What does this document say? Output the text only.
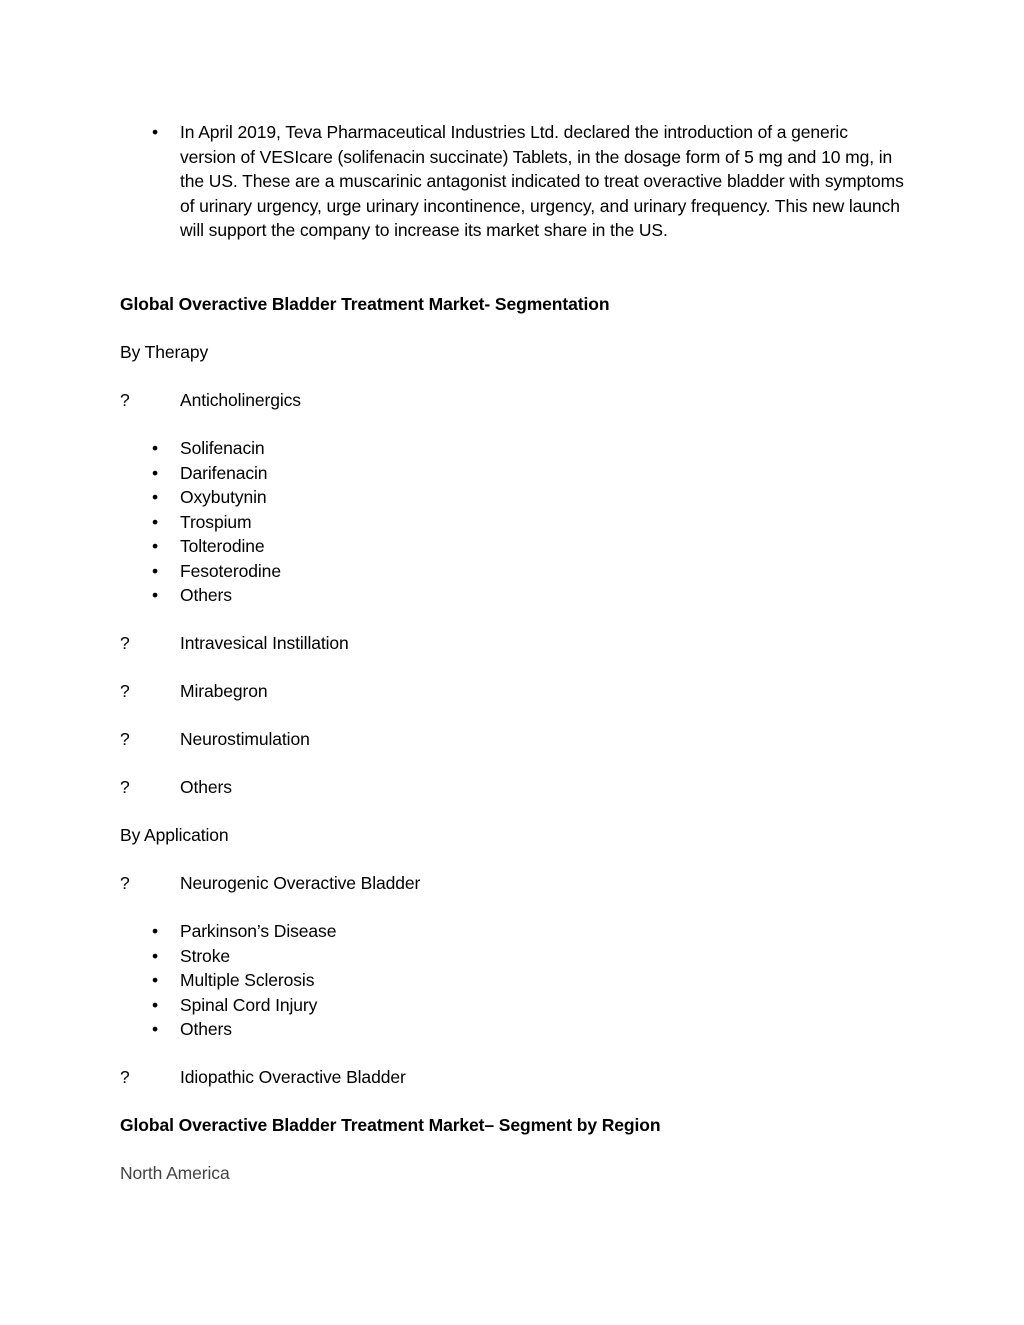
• In April 2019, Teva Pharmaceutical Industries Ltd. declared the introduction of a generic version of VESIcare (solifenacin succinate) Tablets, in the dosage form of 5 mg and 10 mg, in the US. These are a muscarinic antagonist indicated to treat overactive bladder with symptoms of urinary urgency, urge urinary incontinence, urgency, and urinary frequency. This new launch will support the company to increase its market share in the US.
Global Overactive Bladder Treatment Market- Segmentation
By Therapy
?	Anticholinergics
• Solifenacin
• Darifenacin
• Oxybutynin
• Trospium
• Tolterodine
• Fesoterodine
• Others
?	Intravesical Instillation
?	Mirabegron
?	Neurostimulation
?	Others
By Application
?	Neurogenic Overactive Bladder
• Parkinson’s Disease
• Stroke
• Multiple Sclerosis
• Spinal Cord Injury
• Others
?	Idiopathic Overactive Bladder
Global Overactive Bladder Treatment Market– Segment by Region
North America
